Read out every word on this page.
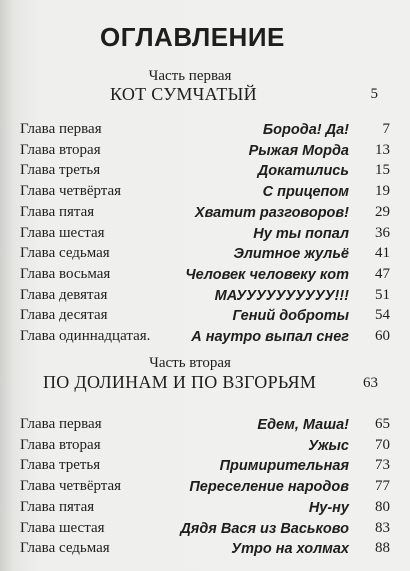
ОГЛАВЛЕНИЕ
Часть первая
КОТ СУМЧАТЫЙ	5
Глава первая	Борода! Да!	7
Глава вторая	Рыжая Морда	13
Глава третья	Докатились	15
Глава четвёртая	С прицепом	19
Глава пятая	Хватит разговоров!	29
Глава шестая	Ну ты попал	36
Глава седьмая	Элитное жульё	41
Глава восьмая	Человек человеку кот	47
Глава девятая	МАУУУУУУУУУУ!!!	51
Глава десятая	Гений доброты	54
Глава одиннадцатая.	А наутро выпал снег	60
Часть вторая
ПО ДОЛИНАМ И ПО ВЗГОРЬЯМ	63
Глава первая	Едем, Маша!	65
Глава вторая	Ужыс	70
Глава третья	Примирительная	73
Глава четвёртая	Переселение народов	77
Глава пятая	Ну-ну	80
Глава шестая	Дядя Вася из Васьково	83
Глава седьмая	Утро на холмах	88
